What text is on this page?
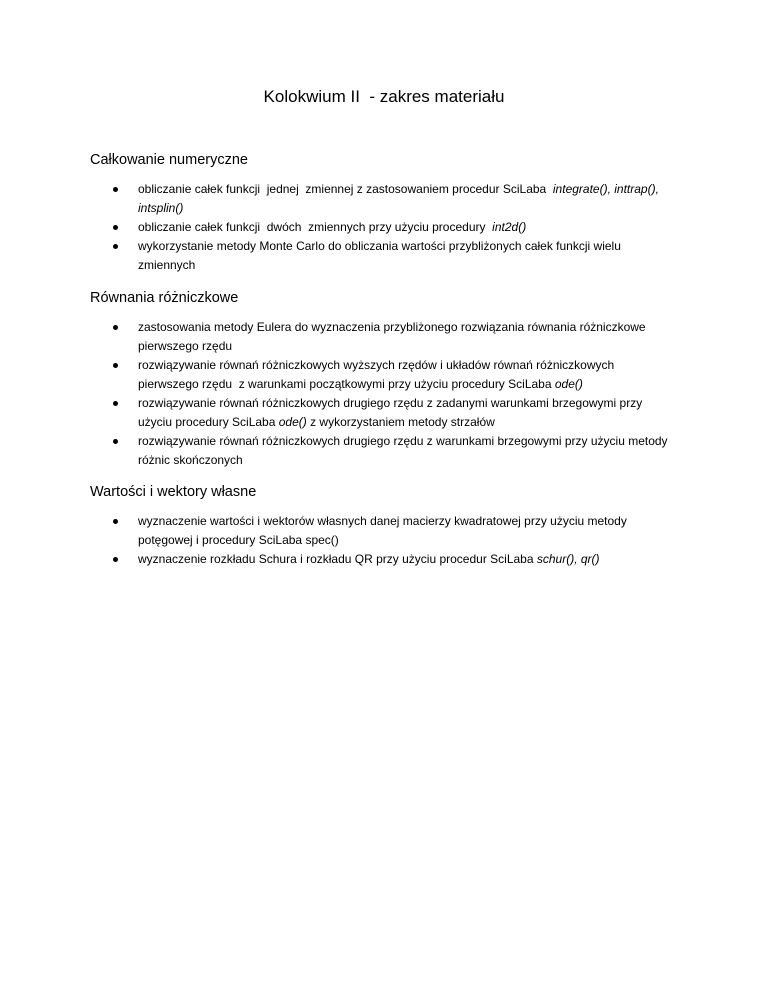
Kolokwium II  - zakres materiału
Całkowanie numeryczne
obliczanie całek funkcji  jednej  zmiennej z zastosowaniem procedur SciLaba  integrate(), inttrap(), intsplin()
obliczanie całek funkcji  dwóch  zmiennych przy użyciu procedury  int2d()
wykorzystanie metody Monte Carlo do obliczania wartości przybliżonych całek funkcji wielu zmiennych
Równania różniczkowe
zastosowania metody Eulera do wyznaczenia przybliżonego rozwiązania równania różniczkowe pierwszego rzędu
rozwiązywanie równań różniczkowych wyższych rzędów i układów równań różniczkowych pierwszego rzędu  z warunkami początkowymi przy użyciu procedury SciLaba ode()
rozwiązywanie równań różniczkowych drugiego rzędu z zadanymi warunkami brzegowymi przy użyciu procedury SciLaba ode() z wykorzystaniem metody strzałów
rozwiązywanie równań różniczkowych drugiego rzędu z warunkami brzegowymi przy użyciu metody różnic skończonych
Wartości i wektory własne
wyznaczenie wartości i wektorów własnych danej macierzy kwadratowej przy użyciu metody potęgowej i procedury SciLaba spec()
wyznaczenie rozkładu Schura i rozkładu QR przy użyciu procedur SciLaba schur(), qr()
